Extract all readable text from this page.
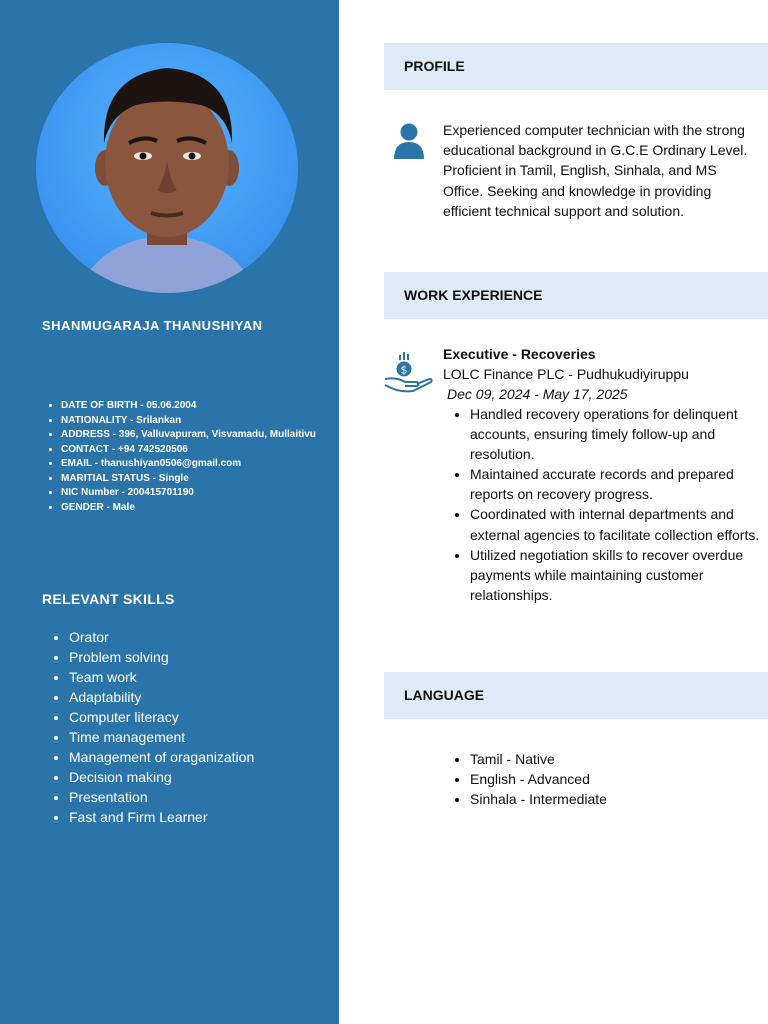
SHANMUGARAJA THANUSHIYAN
• DATE OF BIRTH - 05.06.2004
• NATIONALITY - Srilankan
• ADDRESS - 396, Valluvapuram, Visvamadu, Mullaitivu
• CONTACT - +94 742520506
• EMAIL - thanushiyan0506@gmail.com
• MARITIAL STATUS - Single
• NIC Number - 200415701190
• GENDER - Male
RELEVANT SKILLS
• Orator
• Problem solving
• Team work
• Adaptability
• Computer literacy
• Time management
• Management of oraganization
• Decision making
• Presentation
• Fast and Firm Learner
PROFILE
Experienced computer technician with the strong educational background in G.C.E Ordinary Level. Proficient in Tamil, English, Sinhala, and MS Office. Seeking and knowledge in providing efficient technical support and solution.
WORK EXPERIENCE
$
Executive - Recoveries
LOLC Finance PLC - Pudhukudiyiruppu
Dec 09, 2024 - May 17, 2025
• Handled recovery operations for delinquent accounts, ensuring timely follow-up and resolution.
• Maintained accurate records and prepared reports on recovery progress.
• Coordinated with internal departments and external agencies to facilitate collection efforts.
• Utilized negotiation skills to recover overdue payments while maintaining customer relationships.
LANGUAGE
• Tamil - Native
• English - Advanced
• Sinhala - Intermediate
